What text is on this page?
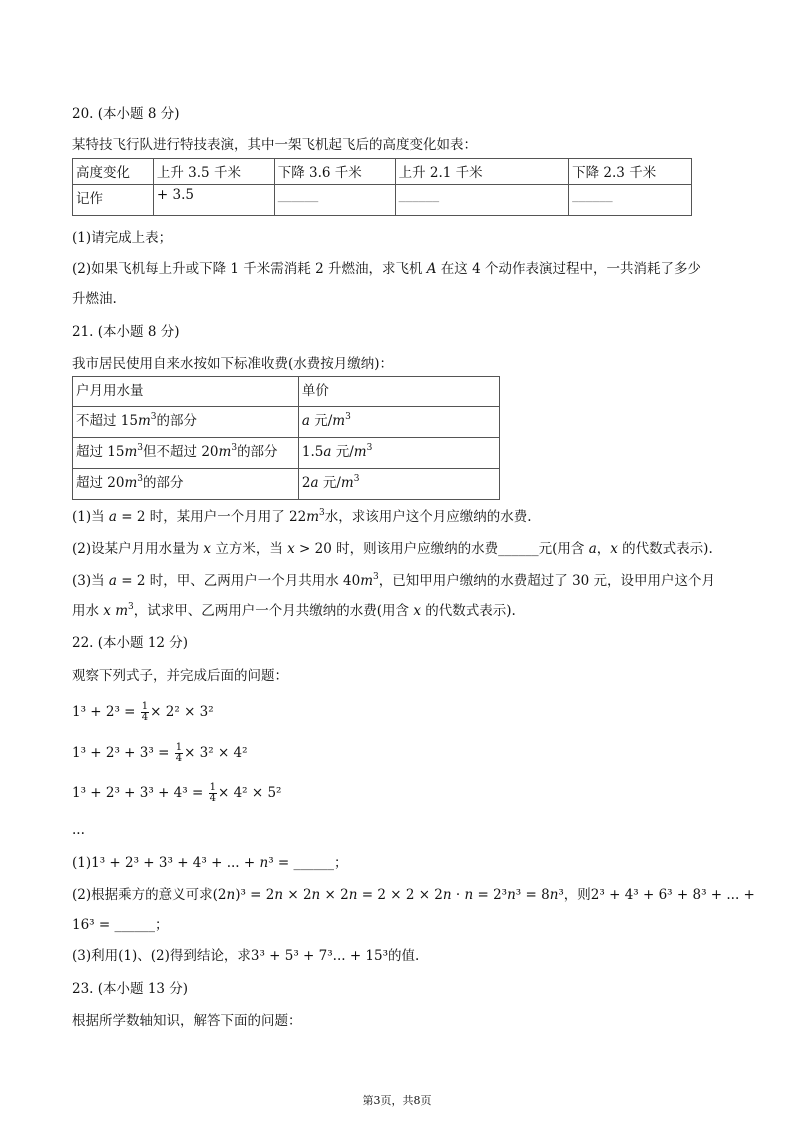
20. (本小题 8 分)
某特技飞行队进行特技表演，其中一架飞机起飞后的高度变化如表：
高度变化	上升 3.5 千米	下降 3.6 千米	上升 2.1 千米	下降 2.3 千米
记作	+ 3.5	______	______	______
(1)请完成上表；
(2)如果飞机每上升或下降 1 千米需消耗 2 升燃油，求飞机 A 在这 4 个动作表演过程中，一共消耗了多少
升燃油.
21. (本小题 8 分)
我市居民使用自来水按如下标准收费(水费按月缴纳)：
户月用水量	单价
不超过 $15m^3$的部分	a 元$/m^3$
超过 $15m^3$但不超过 $20m^3$的部分	1.5a 元$/m^3$
超过 $20m^3$的部分	2a 元$/m^3$
(1)当 a = 2 时，某用户一个月用了 $22m^3$水，求该用户这个月应缴纳的水费.
(2)设某户月用水量为 x 立方米，当 x > 20 时，则该用户应缴纳的水费______元(用含 a，x 的代数式表示).
(3)当 a = 2 时，甲、乙两用户一个月共用水 $40m^3$，已知甲用户缴纳的水费超过了 30 元，设甲用户这个月
用水 x $m^3$，试求甲、乙两用户一个月共缴纳的水费(用含 x 的代数式表示).
22. (本小题 12 分)
观察下列式子，并完成后面的问题：
$1^3 + 2^3 = \frac{1}{4} \times 2^2 \times 3^2$
$1^3 + 2^3 + 3^3 = \frac{1}{4} \times 3^2 \times 4^2$
$1^3 + 2^3 + 3^3 + 4^3 = \frac{1}{4} \times 4^2 \times 5^2$
...
(1)1³ + 2³ + 3³ + 4³ + ... + n³ = ______；
(2)根据乘方的意义可求(2n)³ = 2n × 2n × 2n = 2 × 2 × 2n · n = 2³n³ = 8n³，则2³ + 4³ + 6³ + 8³ + ... +
16³ = ______；
(3)利用(1)、(2)得到结论，求3³ + 5³ + 7³... + 15³的值.
23. (本小题 13 分)
根据所学数轴知识，解答下面的问题：
第3页，共8页
